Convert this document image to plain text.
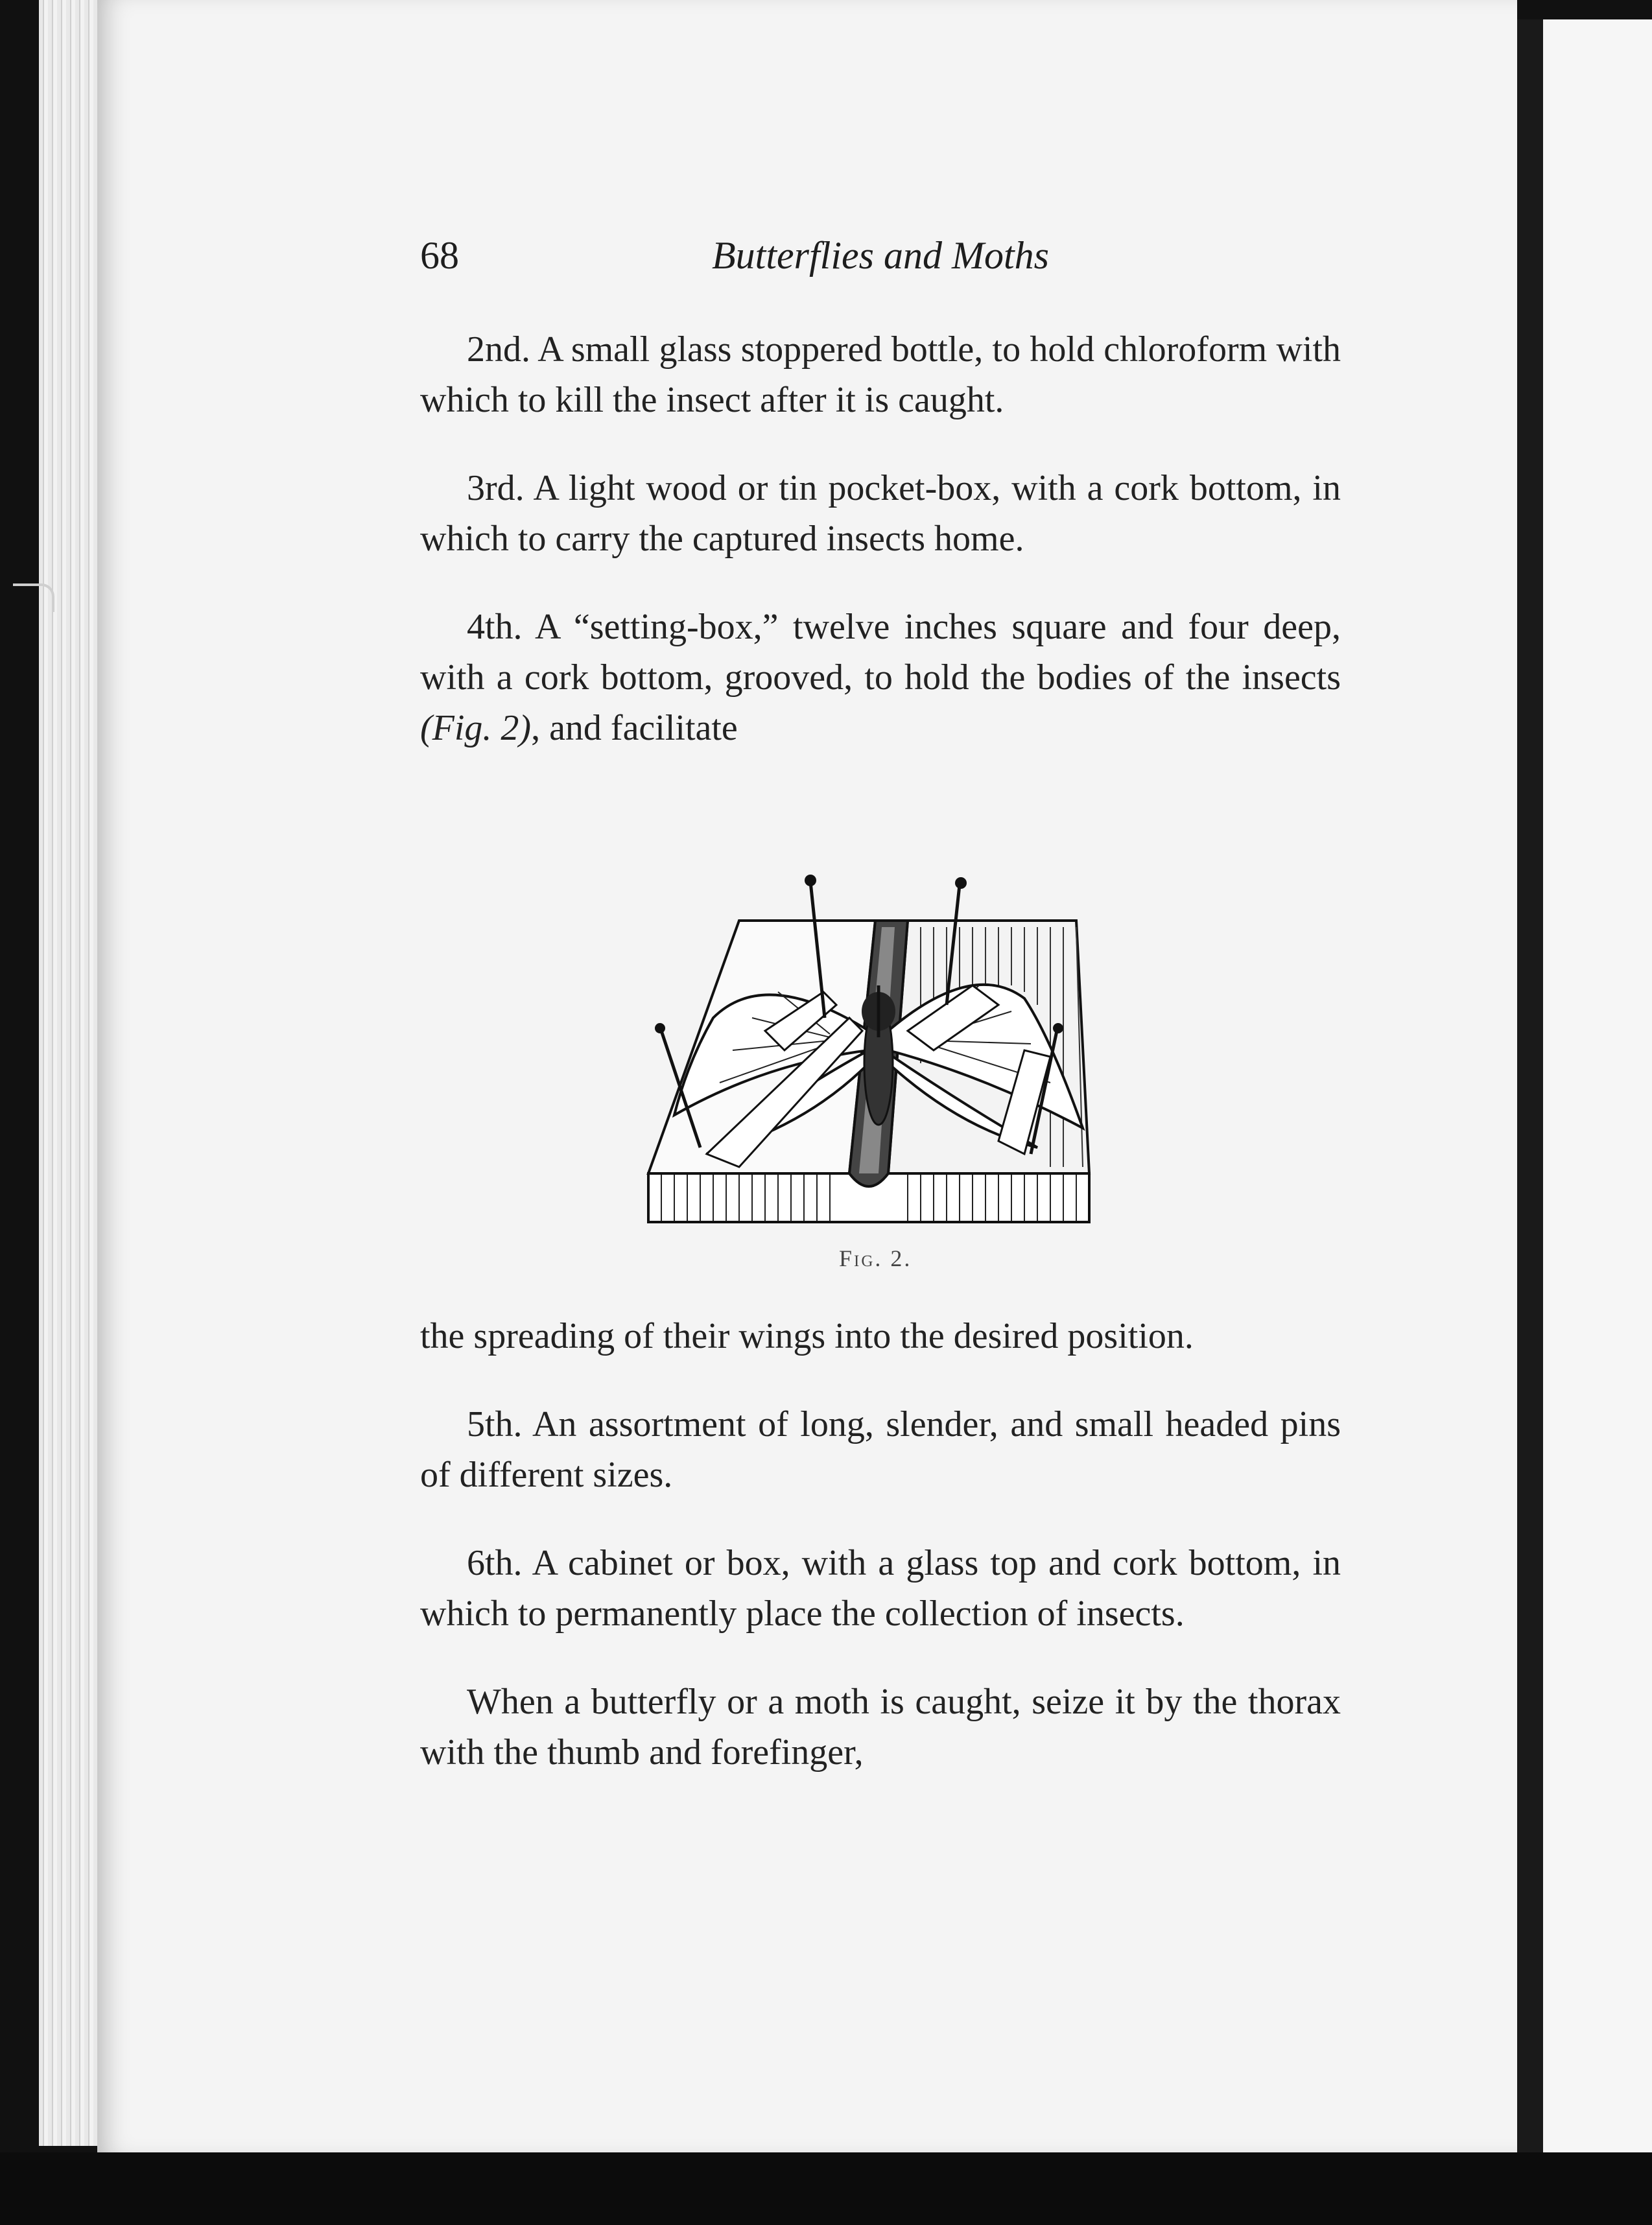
68	Butterflies and Moths

2nd. A small glass stoppered bottle, to hold chloroform with which to kill the insect after it is caught.

3rd. A light wood or tin pocket-box, with a cork bottom, in which to carry the captured insects home.

4th. A “setting-box,” twelve inches square and four deep, with a cork bottom, grooved, to hold the bodies of the insects (Fig. 2), and facilitate

Fig. 2.

the spreading of their wings into the desired position.

5th. An assortment of long, slender, and small headed pins of different sizes.

6th. A cabinet or box, with a glass top and cork bottom, in which to permanently place the collection of insects.

When a butterfly or a moth is caught, seize it by the thorax with the thumb and forefinger,
